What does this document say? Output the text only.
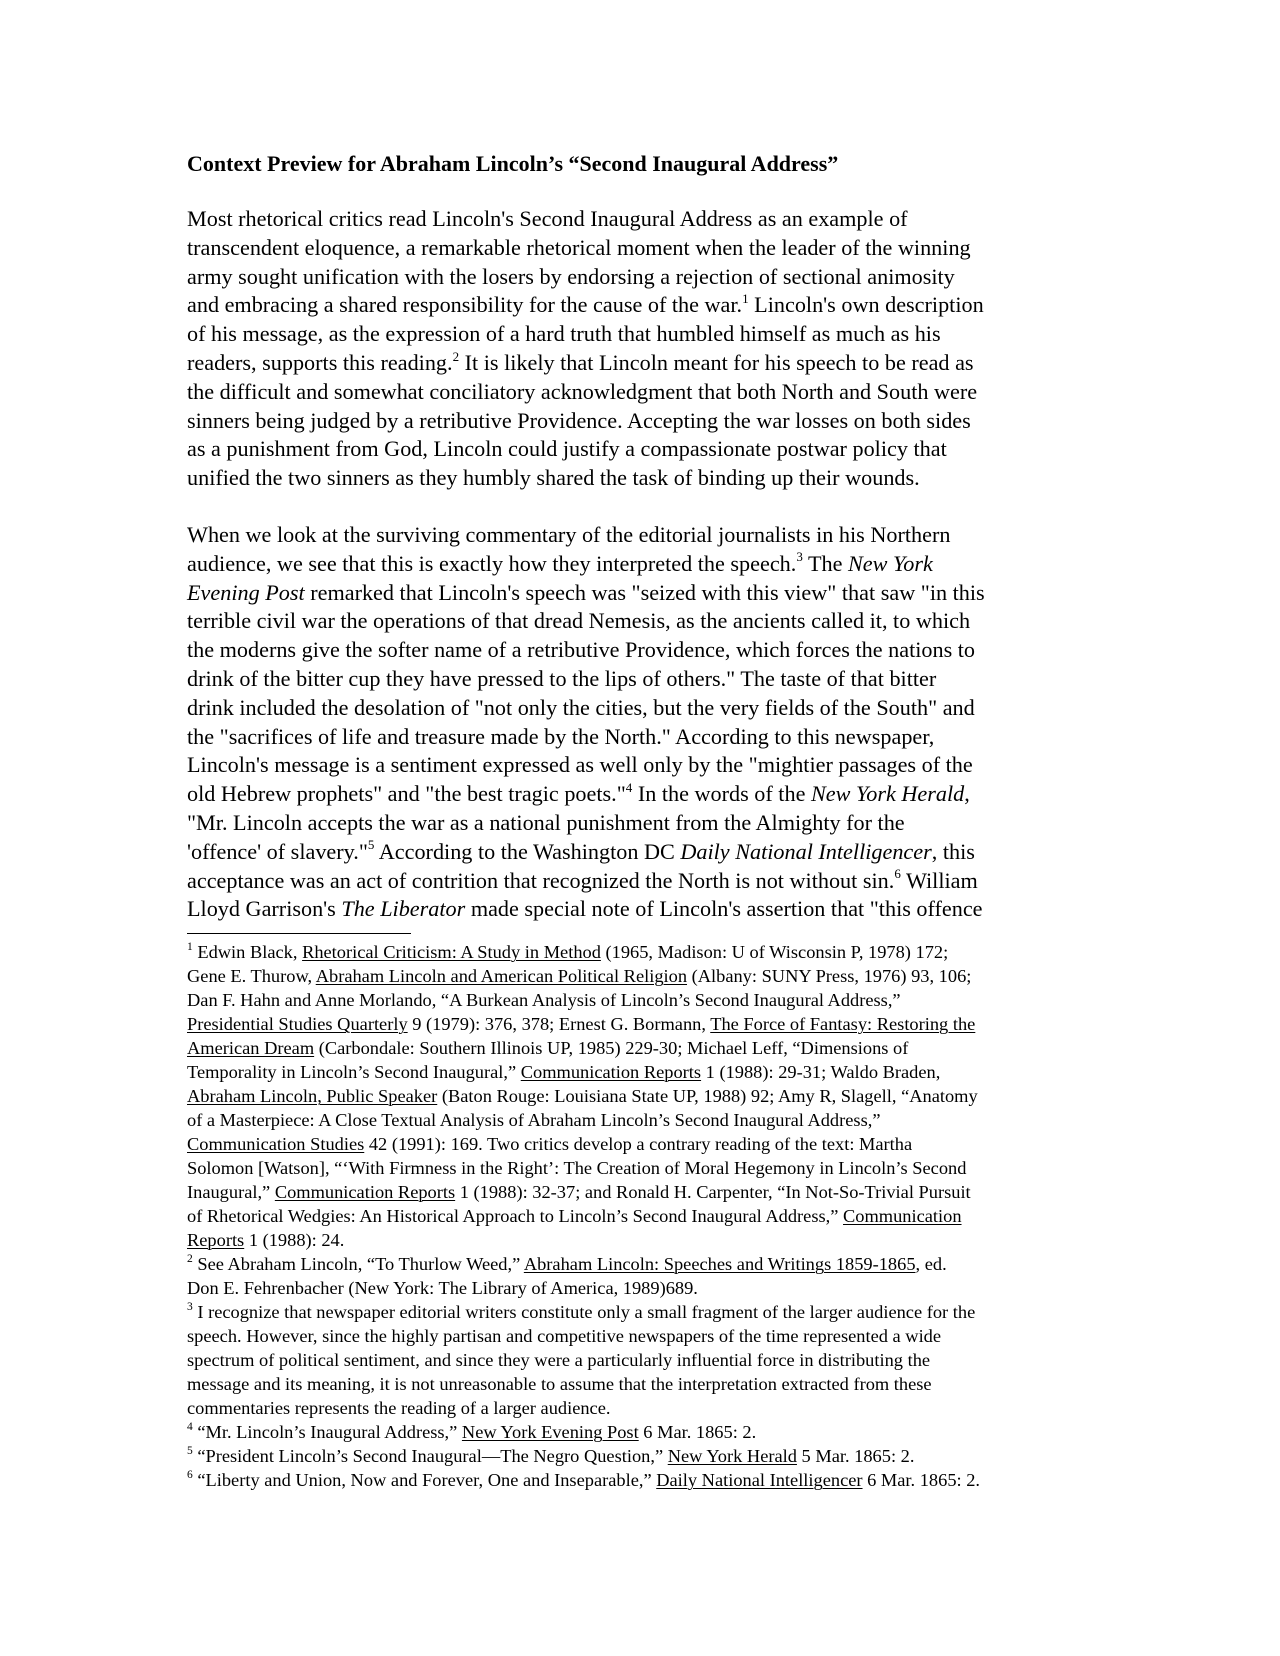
Context Preview for Abraham Lincoln’s “Second Inaugural Address”
Most rhetorical critics read Lincoln's Second Inaugural Address as an example of
transcendent eloquence, a remarkable rhetorical moment when the leader of the winning
army sought unification with the losers by endorsing a rejection of sectional animosity
and embracing a shared responsibility for the cause of the war.$^1$ Lincoln's own description
of his message, as the expression of a hard truth that humbled himself as much as his
readers, supports this reading.$^2$ It is likely that Lincoln meant for his speech to be read as
the difficult and somewhat conciliatory acknowledgment that both North and South were
sinners being judged by a retributive Providence. Accepting the war losses on both sides
as a punishment from God, Lincoln could justify a compassionate postwar policy that
unified the two sinners as they humbly shared the task of binding up their wounds.
When we look at the surviving commentary of the editorial journalists in his Northern
audience, we see that this is exactly how they interpreted the speech.$^3$ The New York
Evening Post remarked that Lincoln's speech was "seized with this view" that saw "in this
terrible civil war the operations of that dread Nemesis, as the ancients called it, to which
the moderns give the softer name of a retributive Providence, which forces the nations to
drink of the bitter cup they have pressed to the lips of others." The taste of that bitter
drink included the desolation of "not only the cities, but the very fields of the South" and
the "sacrifices of life and treasure made by the North." According to this newspaper,
Lincoln's message is a sentiment expressed as well only by the "mightier passages of the
old Hebrew prophets" and "the best tragic poets."$^4$ In the words of the New York Herald,
"Mr. Lincoln accepts the war as a national punishment from the Almighty for the
'offence' of slavery."$^5$ According to the Washington DC Daily National Intelligencer, this
acceptance was an act of contrition that recognized the North is not without sin.$^6$ William
Lloyd Garrison's The Liberator made special note of Lincoln's assertion that "this offence
$^1$ Edwin Black, Rhetorical Criticism: A Study in Method (1965, Madison: U of Wisconsin P, 1978) 172;
Gene E. Thurow, Abraham Lincoln and American Political Religion (Albany: SUNY Press, 1976) 93, 106;
Dan F. Hahn and Anne Morlando, “A Burkean Analysis of Lincoln’s Second Inaugural Address,”
Presidential Studies Quarterly 9 (1979): 376, 378; Ernest G. Bormann, The Force of Fantasy: Restoring the
American Dream (Carbondale: Southern Illinois UP, 1985) 229-30; Michael Leff, “Dimensions of
Temporality in Lincoln’s Second Inaugural,” Communication Reports 1 (1988): 29-31; Waldo Braden,
Abraham Lincoln, Public Speaker (Baton Rouge: Louisiana State UP, 1988) 92; Amy R, Slagell, “Anatomy
of a Masterpiece: A Close Textual Analysis of Abraham Lincoln’s Second Inaugural Address,”
Communication Studies 42 (1991): 169. Two critics develop a contrary reading of the text: Martha
Solomon [Watson], “‘With Firmness in the Right’: The Creation of Moral Hegemony in Lincoln’s Second
Inaugural,” Communication Reports 1 (1988): 32-37; and Ronald H. Carpenter, “In Not-So-Trivial Pursuit
of Rhetorical Wedgies: An Historical Approach to Lincoln’s Second Inaugural Address,” Communication
Reports 1 (1988): 24.
$^2$ See Abraham Lincoln, “To Thurlow Weed,” Abraham Lincoln: Speeches and Writings 1859-1865, ed.
Don E. Fehrenbacher (New York: The Library of America, 1989)689.
$^3$ I recognize that newspaper editorial writers constitute only a small fragment of the larger audience for the
speech. However, since the highly partisan and competitive newspapers of the time represented a wide
spectrum of political sentiment, and since they were a particularly influential force in distributing the
message and its meaning, it is not unreasonable to assume that the interpretation extracted from these
commentaries represents the reading of a larger audience.
$^4$ “Mr. Lincoln’s Inaugural Address,” New York Evening Post 6 Mar. 1865: 2.
$^5$ “President Lincoln’s Second Inaugural—The Negro Question,” New York Herald 5 Mar. 1865: 2.
$^6$ “Liberty and Union, Now and Forever, One and Inseparable,” Daily National Intelligencer 6 Mar. 1865: 2.
